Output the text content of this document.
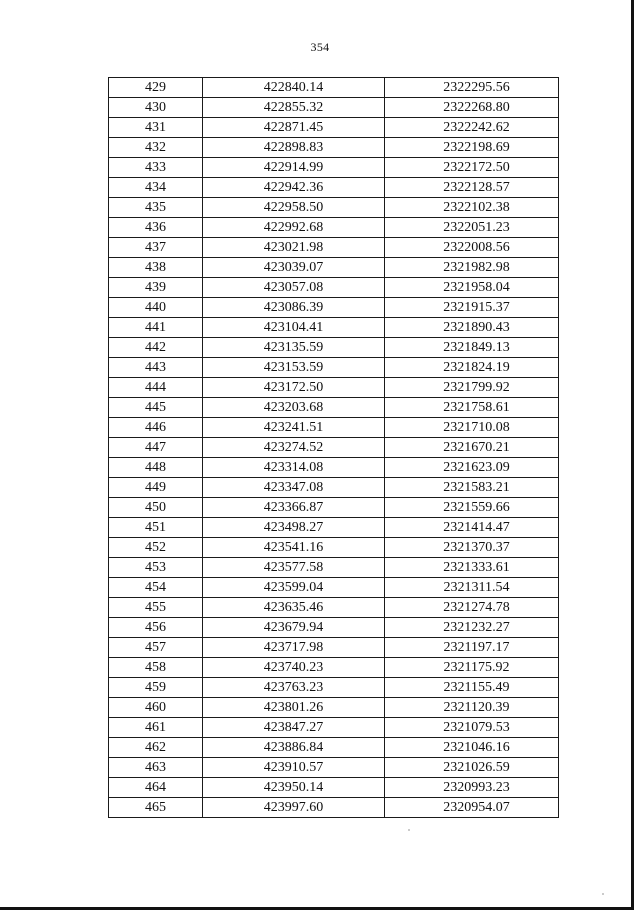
354
429	422840.14	2322295.56
430	422855.32	2322268.80
431	422871.45	2322242.62
432	422898.83	2322198.69
433	422914.99	2322172.50
434	422942.36	2322128.57
435	422958.50	2322102.38
436	422992.68	2322051.23
437	423021.98	2322008.56
438	423039.07	2321982.98
439	423057.08	2321958.04
440	423086.39	2321915.37
441	423104.41	2321890.43
442	423135.59	2321849.13
443	423153.59	2321824.19
444	423172.50	2321799.92
445	423203.68	2321758.61
446	423241.51	2321710.08
447	423274.52	2321670.21
448	423314.08	2321623.09
449	423347.08	2321583.21
450	423366.87	2321559.66
451	423498.27	2321414.47
452	423541.16	2321370.37
453	423577.58	2321333.61
454	423599.04	2321311.54
455	423635.46	2321274.78
456	423679.94	2321232.27
457	423717.98	2321197.17
458	423740.23	2321175.92
459	423763.23	2321155.49
460	423801.26	2321120.39
461	423847.27	2321079.53
462	423886.84	2321046.16
463	423910.57	2321026.59
464	423950.14	2320993.23
465	423997.60	2320954.07
